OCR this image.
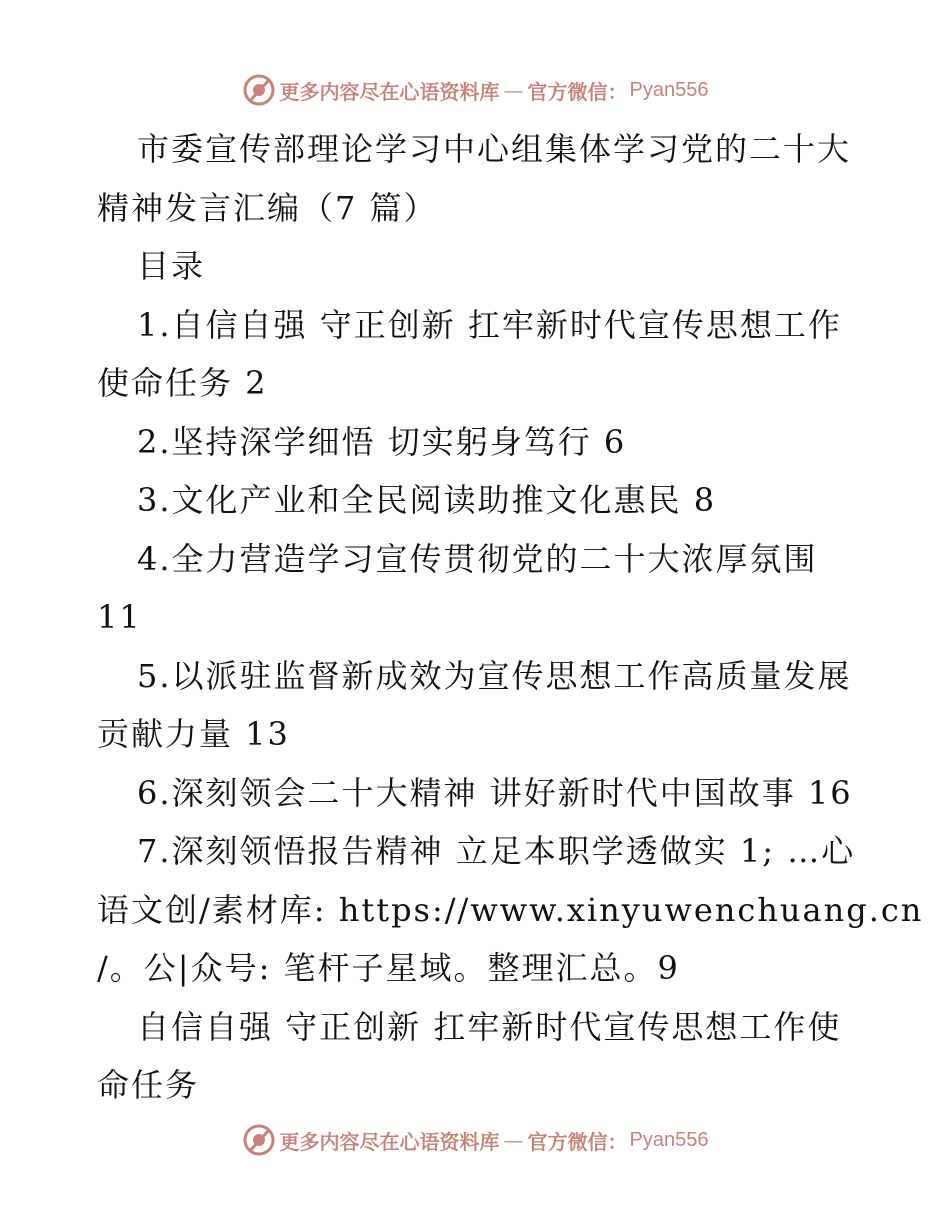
更多内容尽在心语资料库 — 官方微信： Pyan556
市委宣传部理论学习中心组集体学习党的二十大
精神发言汇编（7 篇）
目录
1.自信自强 守正创新 扛牢新时代宣传思想工作
使命任务 2
2.坚持深学细悟 切实躬身笃行 6
3.文化产业和全民阅读助推文化惠民 8
4.全力营造学习宣传贯彻党的二十大浓厚氛围
11
5.以派驻监督新成效为宣传思想工作高质量发展
贡献力量 13
6.深刻领会二十大精神 讲好新时代中国故事 16
7.深刻领悟报告精神 立足本职学透做实 1; …心
语文创/素材库: https://www.xinyuwenchuang.cn
/。公|众号: 笔杆子星域。整理汇总。9
自信自强 守正创新 扛牢新时代宣传思想工作使
命任务
更多内容尽在心语资料库 — 官方微信： Pyan556
